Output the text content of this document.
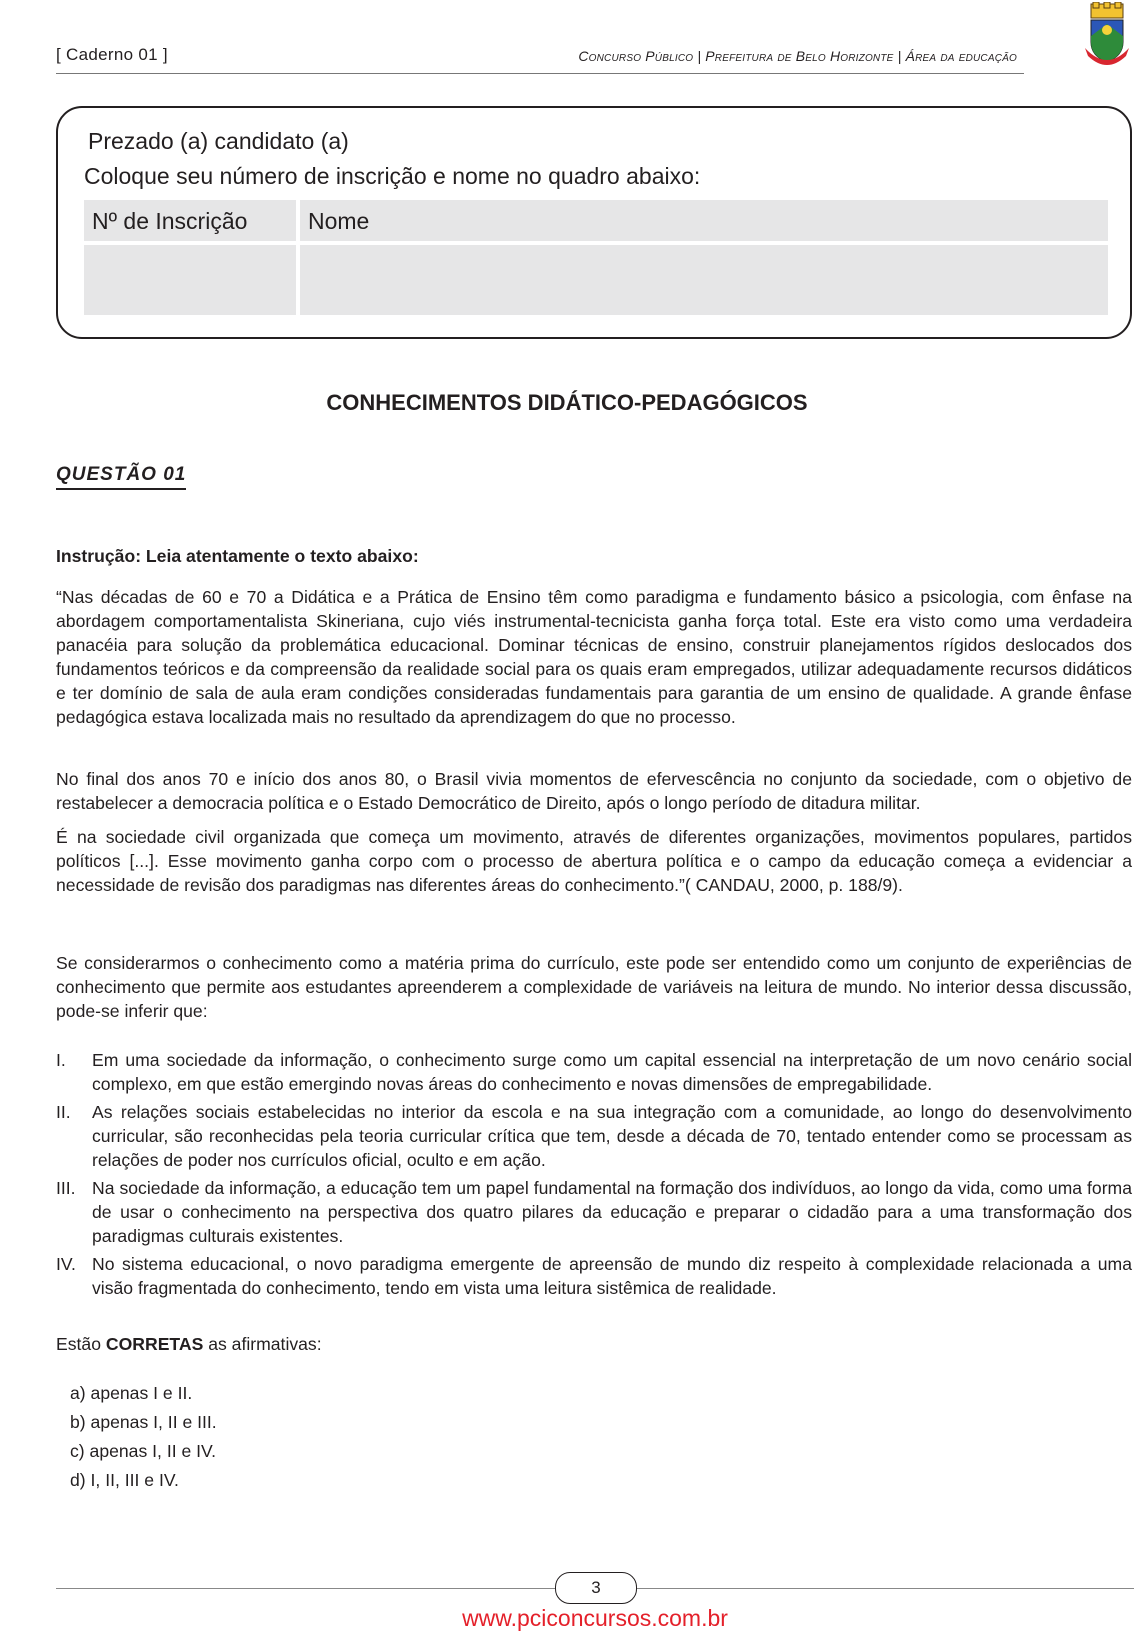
[ Caderno 01 ]	Concurso Público | Prefeitura de Belo Horizonte | Área da educação
Prezado (a) candidato (a)
Coloque seu número de inscrição e nome no quadro abaixo:
Nº de Inscrição	Nome
CONHECIMENTOS DIDÁTICO-PEDAGÓGICOS
QUESTÃO 01
Instrução: Leia atentamente o texto abaixo:
“Nas décadas de 60 e 70 a Didática e a Prática de Ensino têm como paradigma e fundamento básico a psicologia, com ênfase na abordagem comportamentalista Skineriana, cujo viés instrumental-tecnicista ganha força total. Este era visto como uma verdadeira panacéia para solução da problemática educacional. Dominar técnicas de ensino, construir planejamentos rígidos deslocados dos fundamentos teóricos e da compreensão da realidade social para os quais eram empregados, utilizar adequadamente recursos didáticos e ter domínio de sala de aula eram condições consideradas fundamentais para garantia de um ensino de qualidade. A grande ênfase pedagógica estava localizada mais no resultado da aprendizagem do que no processo.
No final dos anos 70 e início dos anos 80, o Brasil vivia momentos de efervescência no conjunto da sociedade, com o objetivo de restabelecer a democracia política e o Estado Democrático de Direito, após o longo período de ditadura militar.
É na sociedade civil organizada que começa um movimento, através de diferentes organizações, movimentos populares, partidos políticos [...]. Esse movimento ganha corpo com o processo de abertura política e o campo da educação começa a evidenciar a necessidade de revisão dos paradigmas nas diferentes áreas do conhecimento.”( CANDAU, 2000, p. 188/9).
Se considerarmos o conhecimento como a matéria prima do currículo, este pode ser entendido como um conjunto de experiências de conhecimento que permite aos estudantes apreenderem a complexidade de variáveis na leitura de mundo. No interior dessa discussão, pode-se inferir que:
I. Em uma sociedade da informação, o conhecimento surge como um capital essencial na interpretação de um novo cenário social complexo, em que estão emergindo novas áreas do conhecimento e novas dimensões de empregabilidade.
II. As relações sociais estabelecidas no interior da escola e na sua integração com a comunidade, ao longo do desenvolvimento curricular, são reconhecidas pela teoria curricular crítica que tem, desde a década de 70, tentado entender como se processam as relações de poder nos currículos oficial, oculto e em ação.
III. Na sociedade da informação, a educação tem um papel fundamental na formação dos indivíduos, ao longo da vida, como uma forma de usar o conhecimento na perspectiva dos quatro pilares da educação e preparar o cidadão para a uma transformação dos paradigmas culturais existentes.
IV. No sistema educacional, o novo paradigma emergente de apreensão de mundo diz respeito à complexidade relacionada a uma visão fragmentada do conhecimento, tendo em vista uma leitura sistêmica de realidade.
Estão CORRETAS as afirmativas:
a) apenas I e II.
b) apenas I, II e III.
c) apenas I, II e IV.
d) I, II, III e IV.
3
www.pciconcursos.com.br
